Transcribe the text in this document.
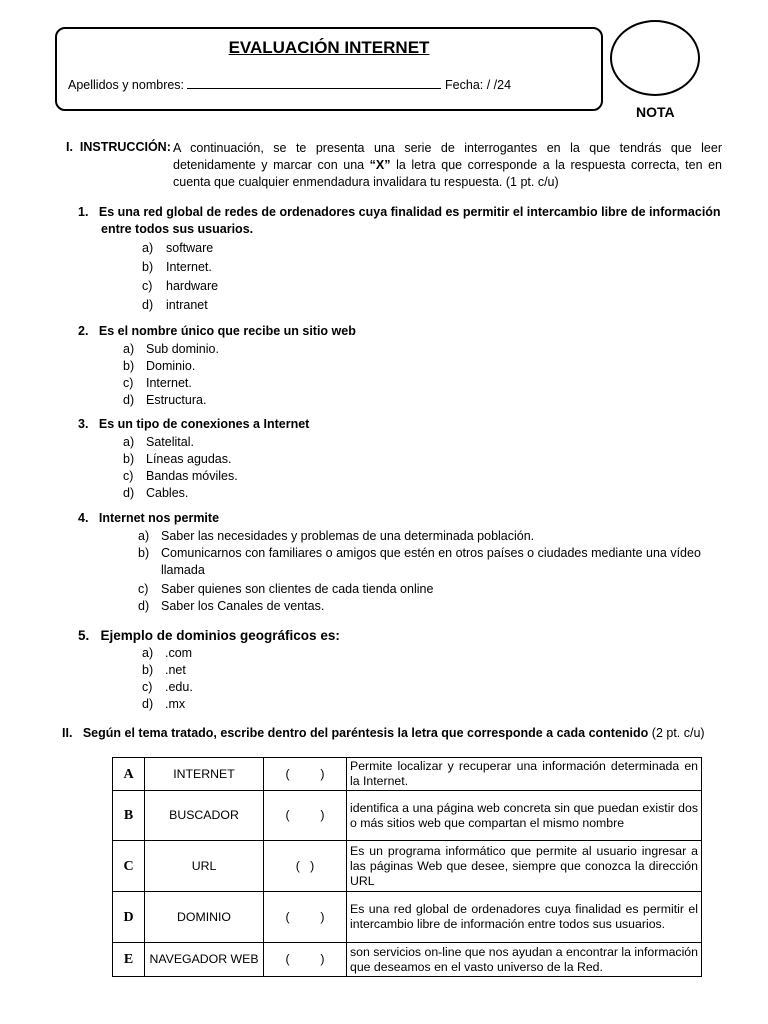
EVALUACIÓN INTERNET
Apellidos y nombres:	Fecha: / /24
NOTA
I. INSTRUCCIÓN: A continuación, se te presenta una serie de interrogantes en la que tendrás que leer detenidamente y marcar con una “X” la letra que corresponde a la respuesta correcta, ten en cuenta que cualquier enmendadura invalidara tu respuesta. (1 pt. c/u)
1. Es una red global de redes de ordenadores cuya finalidad es permitir el intercambio libre de información entre todos sus usuarios.
a) software
b) Internet.
c) hardware
d) intranet
2. Es el nombre único que recibe un sitio web
a) Sub dominio.
b) Dominio.
c) Internet.
d) Estructura.
3. Es un tipo de conexiones a Internet
a) Satelital.
b) Líneas agudas.
c) Bandas móviles.
d) Cables.
4. Internet nos permite
a) Saber las necesidades y problemas de una determinada población.
b) Comunicarnos con familiares o amigos que estén en otros países o ciudades mediante una vídeo llamada
c) Saber quienes son clientes de cada tienda online
d) Saber los Canales de ventas.
5. Ejemplo de dominios geográficos es:
a) .com
b) .net
c) .edu.
d) .mx
II. Según el tema tratado, escribe dentro del paréntesis la letra que corresponde a cada contenido (2 pt. c/u)
A	INTERNET	(         )	Permite localizar y recuperar una información determinada en la Internet.
B	BUSCADOR	(         )	identifica a una página web concreta sin que puedan existir dos o más sitios web que compartan el mismo nombre
C	URL	(   )	Es un programa informático que permite al usuario ingresar a las páginas Web que desee, siempre que conozca la dirección URL
D	DOMINIO	(         )	Es una red global de ordenadores cuya finalidad es permitir el intercambio libre de información entre todos sus usuarios.
E	NAVEGADOR WEB	(         )	son servicios on-line que nos ayudan a encontrar la información que deseamos en el vasto universo de la Red.
